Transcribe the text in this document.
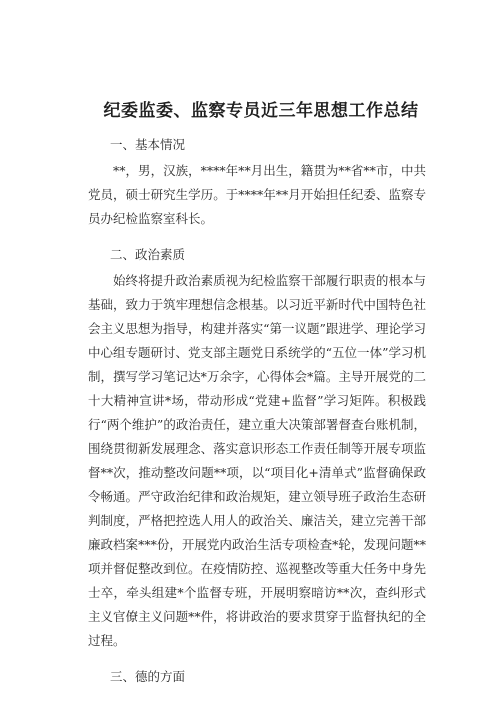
纪委监委、监察专员近三年思想工作总结

一、基本情况

**，男，汉族，****年**月出生，籍贯为**省**市，中共党员，硕士研究生学历。于****年**月开始担任纪委、监察专员办纪检监察室科长。

二、政治素质

始终将提升政治素质视为纪检监察干部履行职责的根本与基础，致力于筑牢理想信念根基。以习近平新时代中国特色社会主义思想为指导，构建并落实“第一议题”跟进学、理论学习中心组专题研讨、党支部主题党日系统学的“五位一体”学习机制，撰写学习笔记达*万余字，心得体会*篇。主导开展党的二十大精神宣讲*场，带动形成“党建+监督”学习矩阵。积极践行“两个维护”的政治责任，建立重大决策部署督查台账机制，围绕贯彻新发展理念、落实意识形态工作责任制等开展专项监督**次，推动整改问题**项，以“项目化+清单式”监督确保政令畅通。严守政治纪律和政治规矩，建立领导班子政治生态研判制度，严格把控选人用人的政治关、廉洁关，建立完善干部廉政档案***份，开展党内政治生活专项检查*轮，发现问题**项并督促整改到位。在疫情防控、巡视整改等重大任务中身先士卒，牵头组建*个监督专班，开展明察暗访**次，查纠形式主义官僚主义问题**件，将讲政治的要求贯穿于监督执纪的全过程。

三、德的方面
